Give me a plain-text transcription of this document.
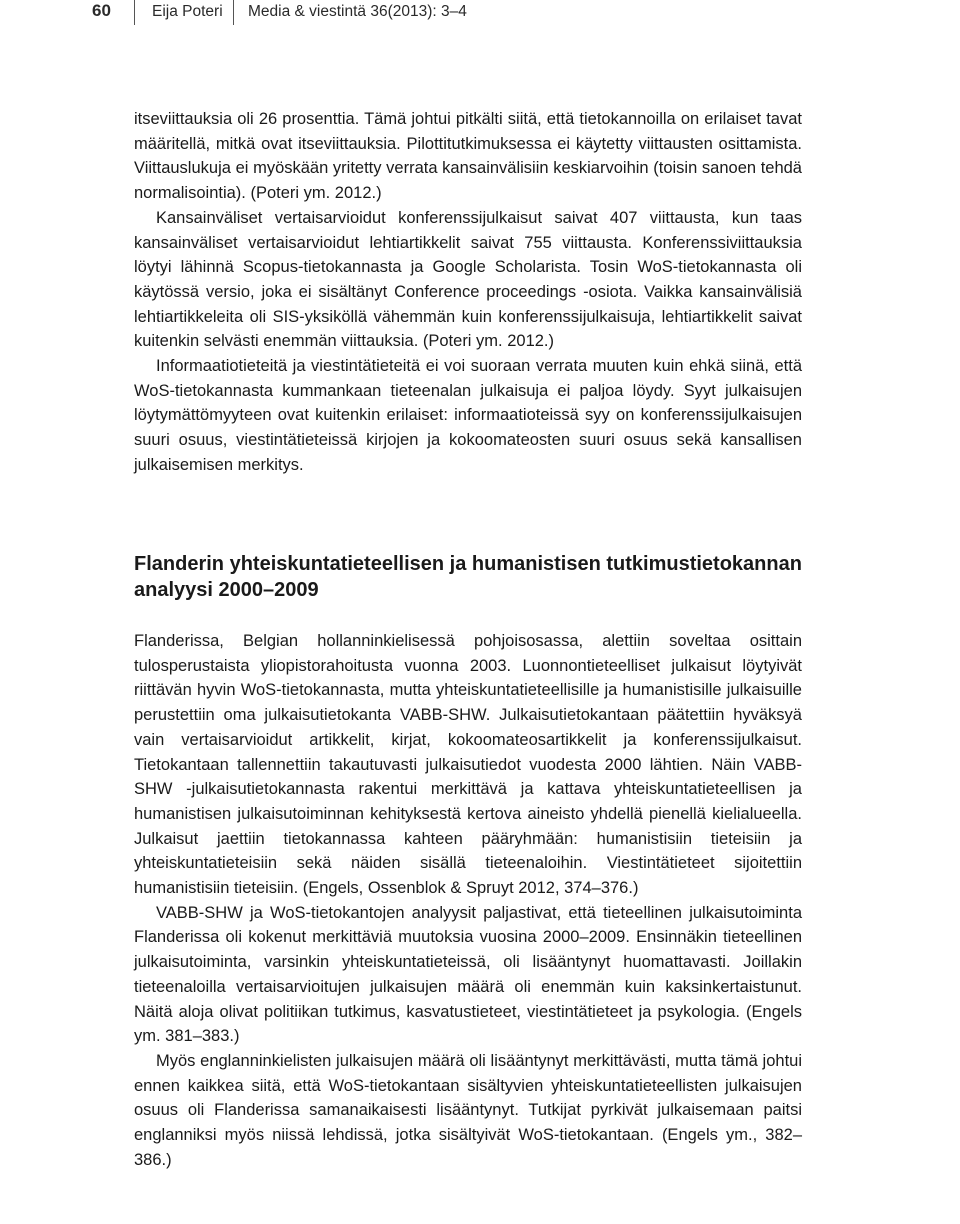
60	Eija Poteri Media & viestintä 36(2013): 3–4

itseviittauksia oli 26 prosenttia. Tämä johtui pitkälti siitä, että tietokannoilla on erilaiset tavat määritellä, mitkä ovat itseviittauksia. Pilottitutkimuksessa ei käytetty viittausten osittamista. Viittauslukuja ei myöskään yritetty verrata kansainvälisiin keskiarvoihin (toisin sanoen tehdä normalisointia). (Poteri ym. 2012.)

Kansainväliset vertaisarvioidut konferenssijulkaisut saivat 407 viittausta, kun taas kansainväliset vertaisarvioidut lehtiartikkelit saivat 755 viittausta. Konferenssiviittauksia löytyi lähinnä Scopus-tietokannasta ja Google Scholarista. Tosin WoS-tietokannasta oli käytössä versio, joka ei sisältänyt Conference proceedings -osiota. Vaikka kansainvälisiä lehtiartikkeleita oli SIS-yksiköllä vähemmän kuin konferenssijulkaisuja, lehtiartikkelit saivat kuitenkin selvästi enemmän viittauksia. (Poteri ym. 2012.)

Informaatiotieteitä ja viestintätieteitä ei voi suoraan verrata muuten kuin ehkä siinä, että WoS-tietokannasta kummankaan tieteenalan julkaisuja ei paljoa löydy. Syyt julkaisujen löytymättömyyteen ovat kuitenkin erilaiset: informaatioteissä syy on konferenssijulkaisujen suuri osuus, viestintätieteissä kirjojen ja kokoomateosten suuri osuus sekä kansallisen julkaisemisen merkitys.

Flanderin yhteiskuntatieteellisen ja humanistisen tutkimustietokannan analyysi 2000–2009

Flanderissa, Belgian hollanninkielisessä pohjoisosassa, alettiin soveltaa osittain tulosperustaista yliopistorahoitusta vuonna 2003. Luonnontieteelliset julkaisut löytyivät riittävän hyvin WoS-tietokannasta, mutta yhteiskuntatieteellisille ja humanistisille julkaisuille perustettiin oma julkaisutietokanta VABB-SHW. Julkaisutietokantaan päätettiin hyväksyä vain vertaisarvioidut artikkelit, kirjat, kokoomateosartikkelit ja konferenssijulkaisut. Tietokantaan tallennettiin takautuvasti julkaisutiedot vuodesta 2000 lähtien. Näin VABB-SHW -julkaisutietokannasta rakentui merkittävä ja kattava yhteiskuntatieteellisen ja humanistisen julkaisutoiminnan kehityksestä kertova aineisto yhdellä pienellä kielialueella. Julkaisut jaettiin tietokannassa kahteen pääryhmään: humanistisiin tieteisiin ja yhteiskuntatieteisiin sekä näiden sisällä tieteenaloihin. Viestintätieteet sijoitettiin humanistisiin tieteisiin. (Engels, Ossenblok & Spruyt 2012, 374–376.)

VABB-SHW ja WoS-tietokantojen analyysit paljastivat, että tieteellinen julkaisutoiminta Flanderissa oli kokenut merkittäviä muutoksia vuosina 2000–2009. Ensinnäkin tieteellinen julkaisutoiminta, varsinkin yhteiskuntatieteissä, oli lisääntynyt huomattavasti. Joillakin tieteenaloilla vertaisarvioitujen julkaisujen määrä oli enemmän kuin kaksinkertaistunut. Näitä aloja olivat politiikan tutkimus, kasvatustieteet, viestintätieteet ja psykologia. (Engels ym. 381–383.)

Myös englanninkielisten julkaisujen määrä oli lisääntynyt merkittävästi, mutta tämä johtui ennen kaikkea siitä, että WoS-tietokantaan sisältyvien yhteiskuntatieteellisten julkaisujen osuus oli Flanderissa samanaikaisesti lisääntynyt. Tutkijat pyrkivät julkaisemaan paitsi englanniksi myös niissä lehdissä, jotka sisältyivät WoS-tietokantaan. (Engels ym., 382–386.)
